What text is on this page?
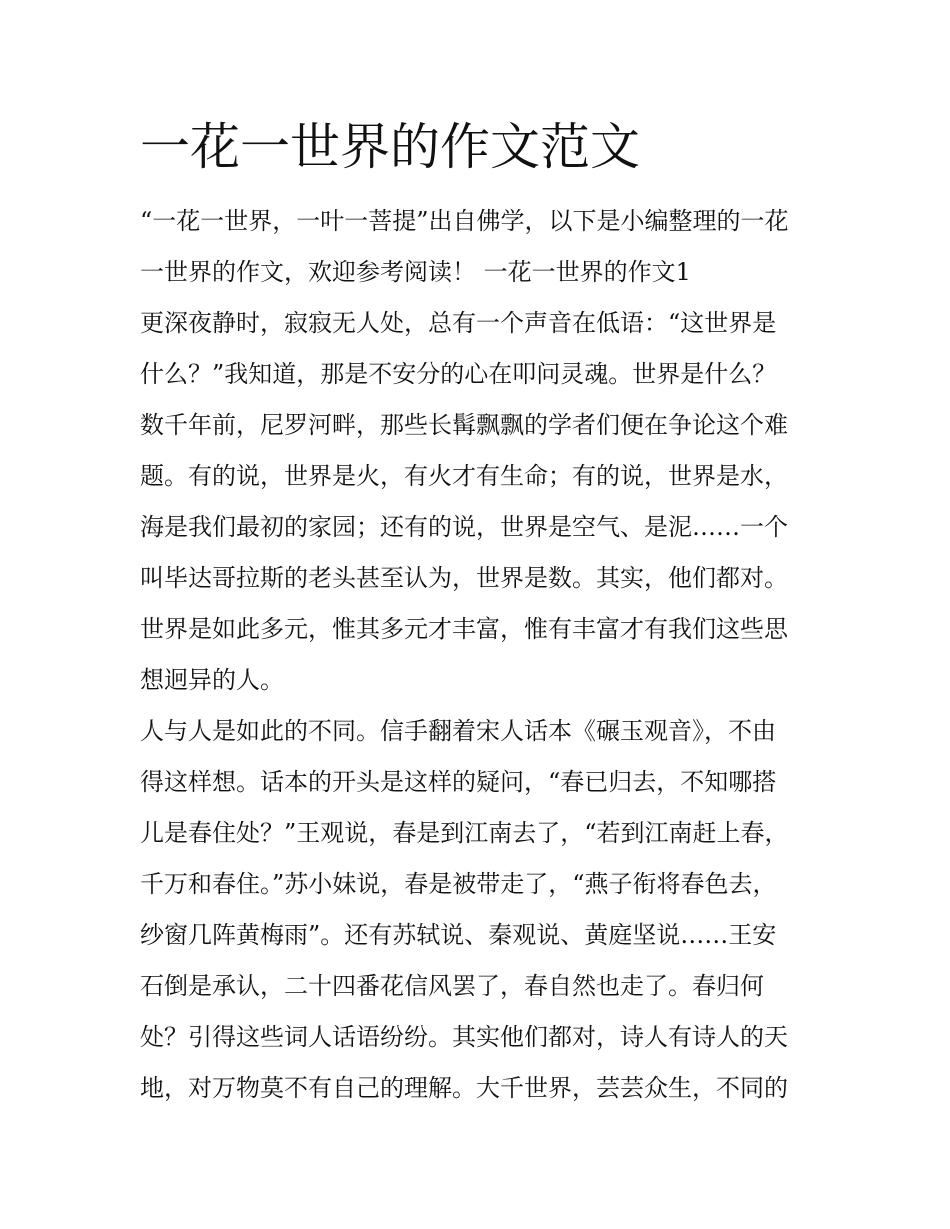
一花一世界的作文范文
“一花一世界，一叶一菩提”出自佛学，以下是小编整理的一花
一世界的作文，欢迎参考阅读！ 一花一世界的作文1
更深夜静时，寂寂无人处，总有一个声音在低语：“这世界是
什么？”我知道，那是不安分的心在叩问灵魂。世界是什么？
数千年前，尼罗河畔，那些长髯飘飘的学者们便在争论这个难
题。有的说，世界是火，有火才有生命；有的说，世界是水，
海是我们最初的家园；还有的说，世界是空气、是泥……一个
叫毕达哥拉斯的老头甚至认为，世界是数。其实，他们都对。
世界是如此多元，惟其多元才丰富，惟有丰富才有我们这些思
想迥异的人。
人与人是如此的不同。信手翻着宋人话本《碾玉观音》，不由
得这样想。话本的开头是这样的疑问，“春已归去，不知哪搭
儿是春住处？”王观说，春是到江南去了，“若到江南赶上春，
千万和春住。”苏小妹说，春是被带走了，“燕子衔将春色去，
纱窗几阵黄梅雨”。还有苏轼说、秦观说、黄庭坚说……王安
石倒是承认，二十四番花信风罢了，春自然也走了。春归何
处？引得这些词人话语纷纷。其实他们都对，诗人有诗人的天
地，对万物莫不有自己的理解。大千世界，芸芸众生，不同的
